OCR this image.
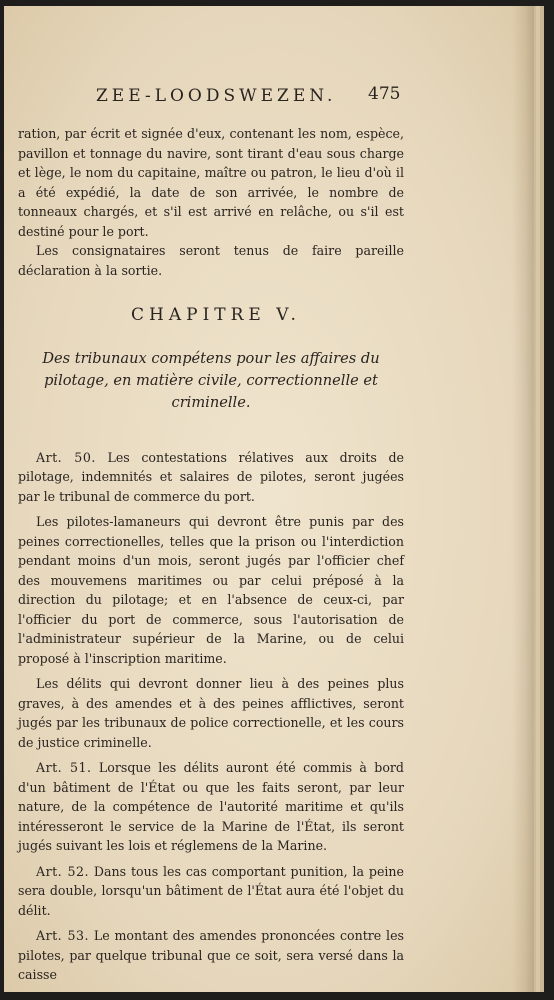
ZEE-LOODSWEZEN. 475

ration, par écrit et signée d'eux, contenant les nom, espèce, pavillon et tonnage du navire, sont tirant d'eau sous charge et lège, le nom du capitaine, maître ou patron, le lieu d'où il a été expédié, la date de son arrivée, le nombre de tonneaux chargés, et s'il est arrivé en relâche, ou s'il est destiné pour le port.

Les consignataires seront tenus de faire pareille déclaration à la sortie.

CHAPITRE V.

Des tribunaux compétens pour les affaires du pilotage, en matière civile, correctionnelle et criminelle.

Art. 50. Les contestations rélatives aux droits de pilotage, indemnités et salaires de pilotes, seront jugées par le tribunal de commerce du port.

Les pilotes-lamaneurs qui devront être punis par des peines correctionelles, telles que la prison ou l'interdiction pendant moins d'un mois, seront jugés par l'officier chef des mouvemens maritimes ou par celui préposé à la direction du pilotage; et en l'absence de ceux-ci, par l'officier du port de commerce, sous l'autorisation de l'administrateur supérieur de la Marine, ou de celui proposé à l'inscription maritime.

Les délits qui devront donner lieu à des peines plus graves, à des amendes et à des peines afflictives, seront jugés par les tribunaux de police correctionelle, et les cours de justice criminelle.

Art. 51. Lorsque les délits auront été commis à bord d'un bâtiment de l'État ou que les faits seront, par leur nature, de la compétence de l'autorité maritime et qu'ils intéresseront le service de la Marine de l'État, ils seront jugés suivant les lois et réglemens de la Marine.

Art. 52. Dans tous les cas comportant punition, la peine sera double, lorsqu'un bâtiment de l'État aura été l'objet du délit.

Art. 53. Le montant des amendes prononcées contre les pilotes, par quelque tribunal que ce soit, sera versé dans la caisse
